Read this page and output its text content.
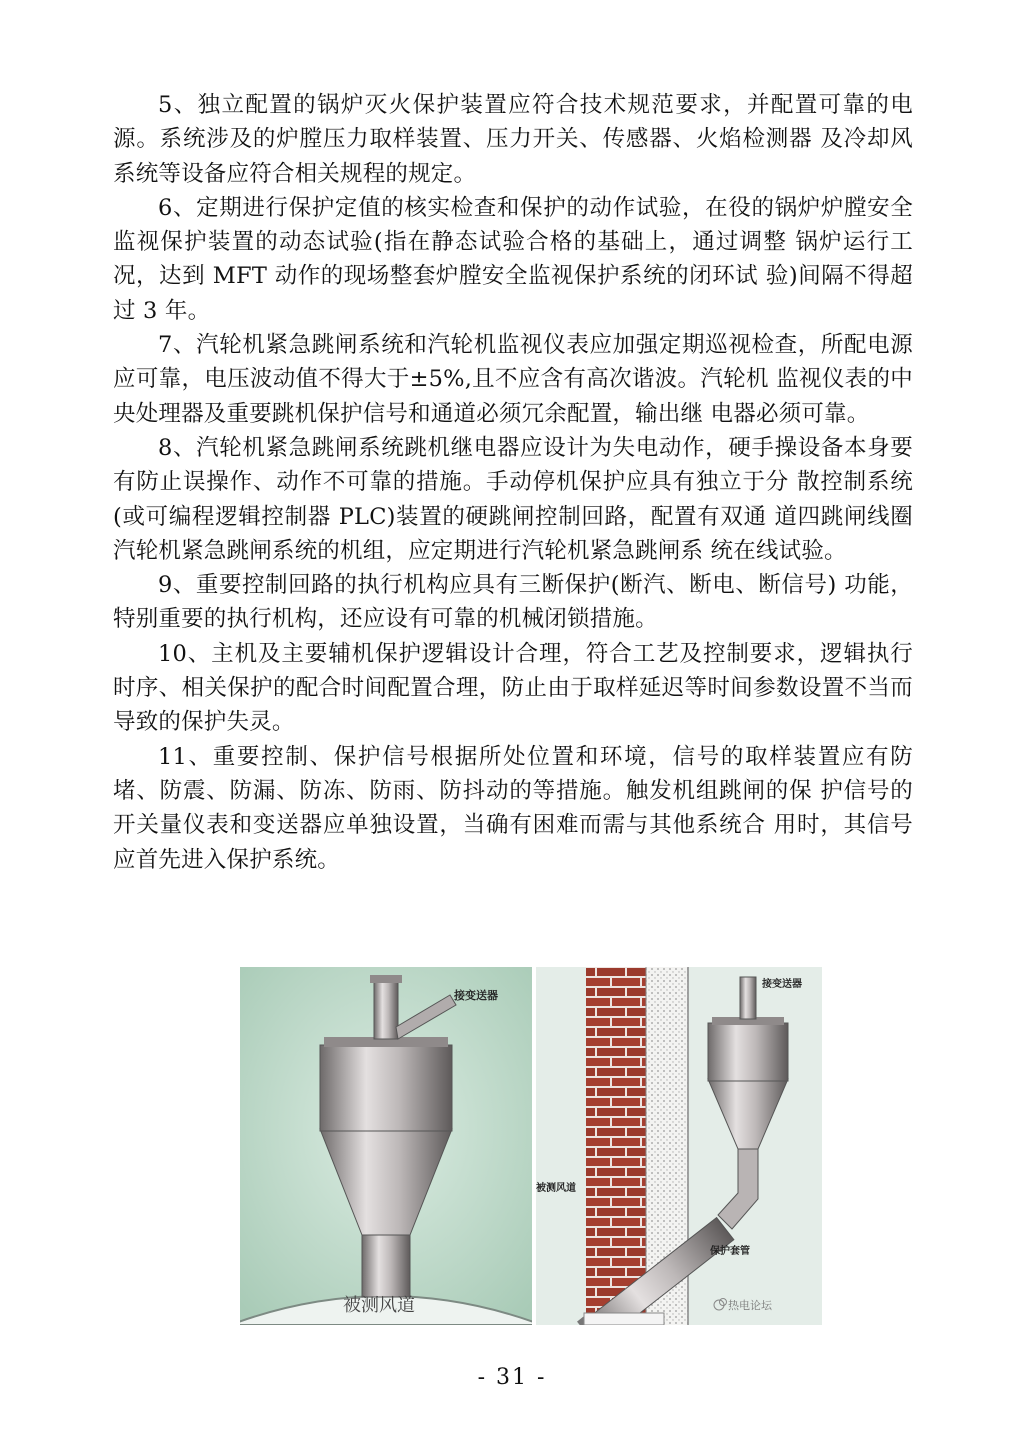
5、独立配置的锅炉灭火保护装置应符合技术规范要求，并配置可靠的电源。系统涉及的炉膛压力取样装置、压力开关、传感器、火焰检测器 及冷却风系统等设备应符合相关规程的规定。

6、定期进行保护定值的核实检查和保护的动作试验，在役的锅炉炉膛安全监视保护装置的动态试验(指在静态试验合格的基础上，通过调整 锅炉运行工况，达到 MFT 动作的现场整套炉膛安全监视保护系统的闭环试 验)间隔不得超过 3 年。

7、汽轮机紧急跳闸系统和汽轮机监视仪表应加强定期巡视检查，所配电源应可靠，电压波动值不得大于±5%,且不应含有高次谐波。汽轮机 监视仪表的中央处理器及重要跳机保护信号和通道必须冗余配置，输出继 电器必须可靠。

8、汽轮机紧急跳闸系统跳机继电器应设计为失电动作，硬手操设备本身要有防止误操作、动作不可靠的措施。手动停机保护应具有独立于分 散控制系统(或可编程逻辑控制器 PLC)装置的硬跳闸控制回路，配置有双通 道四跳闸线圈汽轮机紧急跳闸系统的机组，应定期进行汽轮机紧急跳闸系 统在线试验。

9、重要控制回路的执行机构应具有三断保护(断汽、断电、断信号) 功能，特别重要的执行机构，还应设有可靠的机械闭锁措施。

10、主机及主要辅机保护逻辑设计合理，符合工艺及控制要求，逻辑执行时序、相关保护的配合时间配置合理，防止由于取样延迟等时间参数设置不当而导致的保护失灵。

11、重要控制、保护信号根据所处位置和环境，信号的取样装置应有防堵、防震、防漏、防冻、防雨、防抖动的等措施。触发机组跳闸的保 护信号的开关量仪表和变送器应单独设置，当确有困难而需与其他系统合 用时，其信号应首先进入保护系统。

接变送器
被测风道
接变送器
被测风道
保护套管
热电论坛
- 31 -
